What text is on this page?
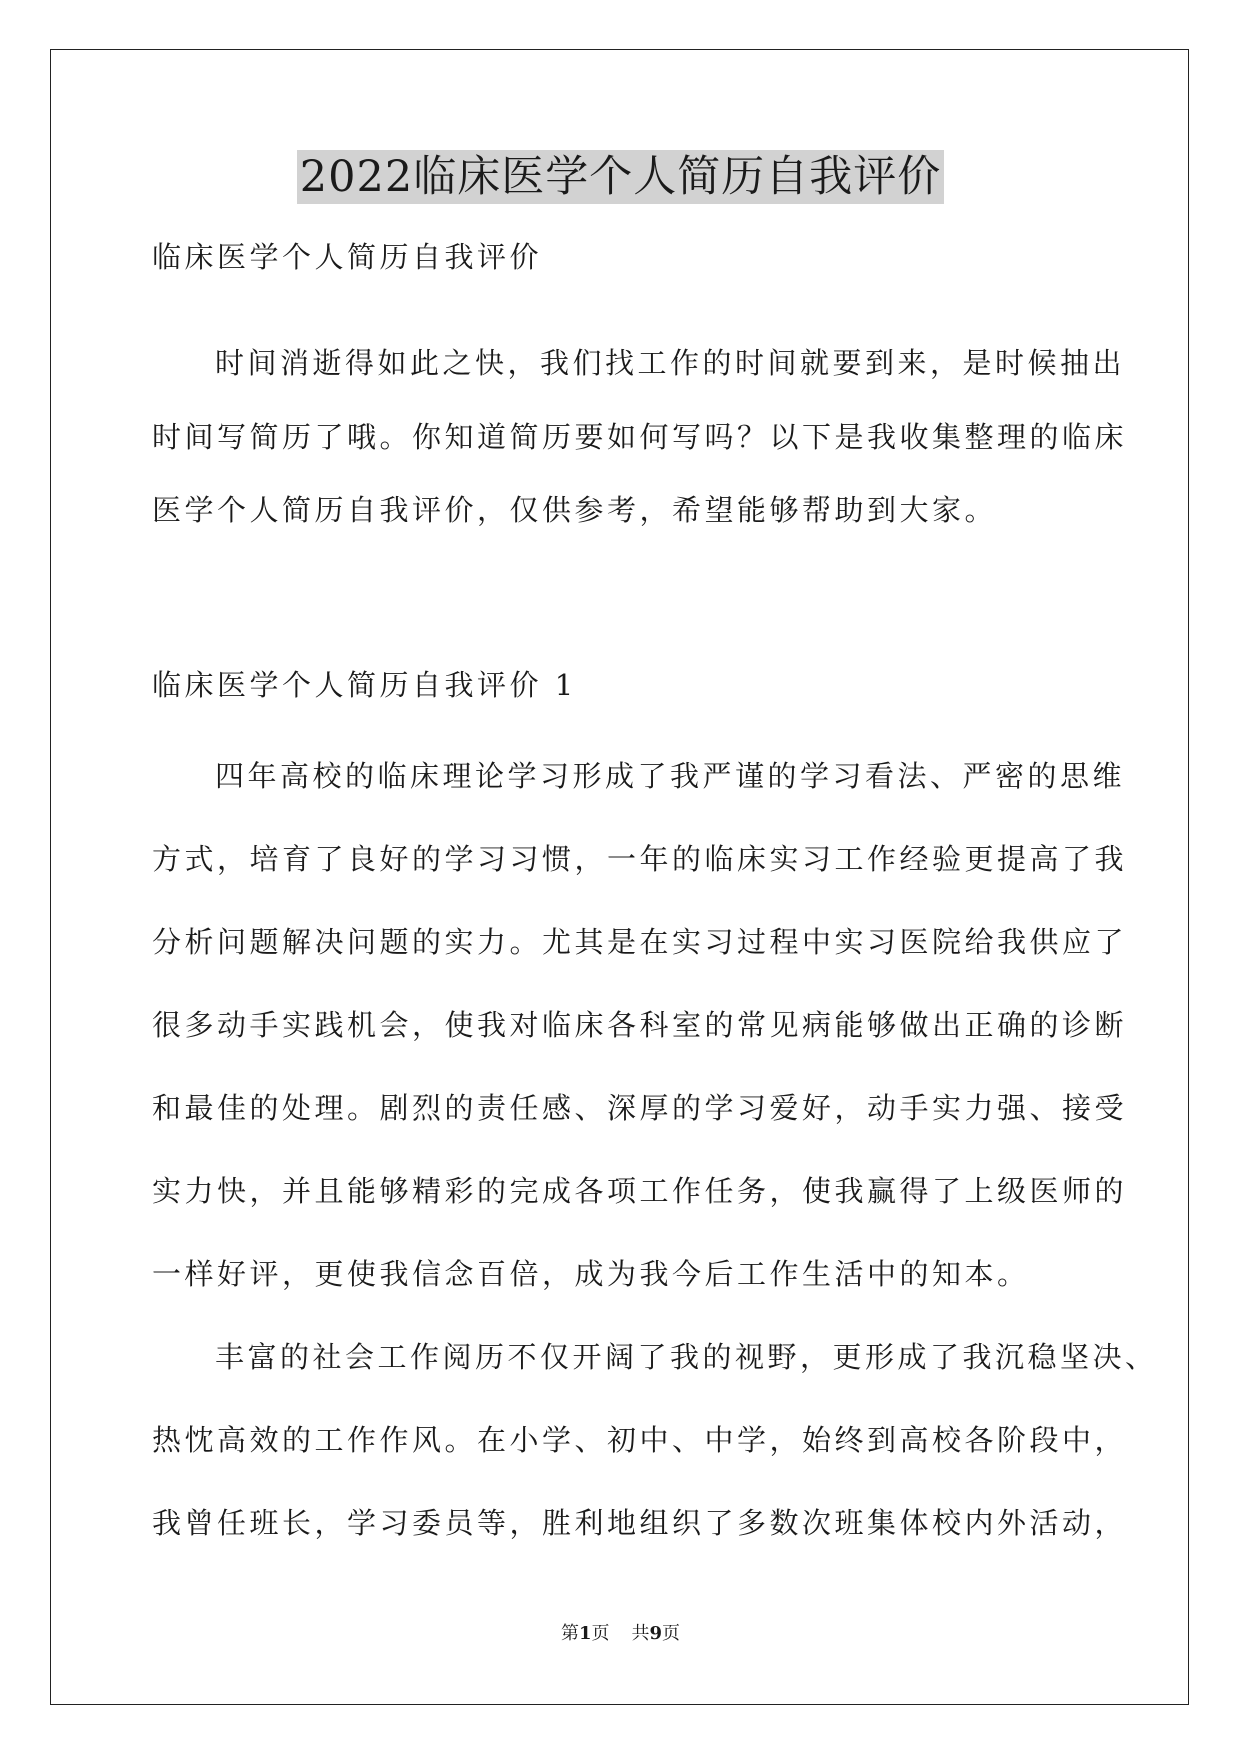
2022临床医学个人简历自我评价
临床医学个人简历自我评价
时间消逝得如此之快，我们找工作的时间就要到来，是时候抽出
时间写简历了哦。你知道简历要如何写吗？以下是我收集整理的临床
医学个人简历自我评价，仅供参考，希望能够帮助到大家。
临床医学个人简历自我评价 1
四年高校的临床理论学习形成了我严谨的学习看法、严密的思维
方式，培育了良好的学习习惯，一年的临床实习工作经验更提高了我
分析问题解决问题的实力。尤其是在实习过程中实习医院给我供应了
很多动手实践机会，使我对临床各科室的常见病能够做出正确的诊断
和最佳的处理。剧烈的责任感、深厚的学习爱好，动手实力强、接受
实力快，并且能够精彩的完成各项工作任务，使我赢得了上级医师的
一样好评，更使我信念百倍，成为我今后工作生活中的知本。
丰富的社会工作阅历不仅开阔了我的视野，更形成了我沉稳坚决、
热忱高效的工作作风。在小学、初中、中学，始终到高校各阶段中，
我曾任班长，学习委员等，胜利地组织了多数次班集体校内外活动，
第1页 共9页
